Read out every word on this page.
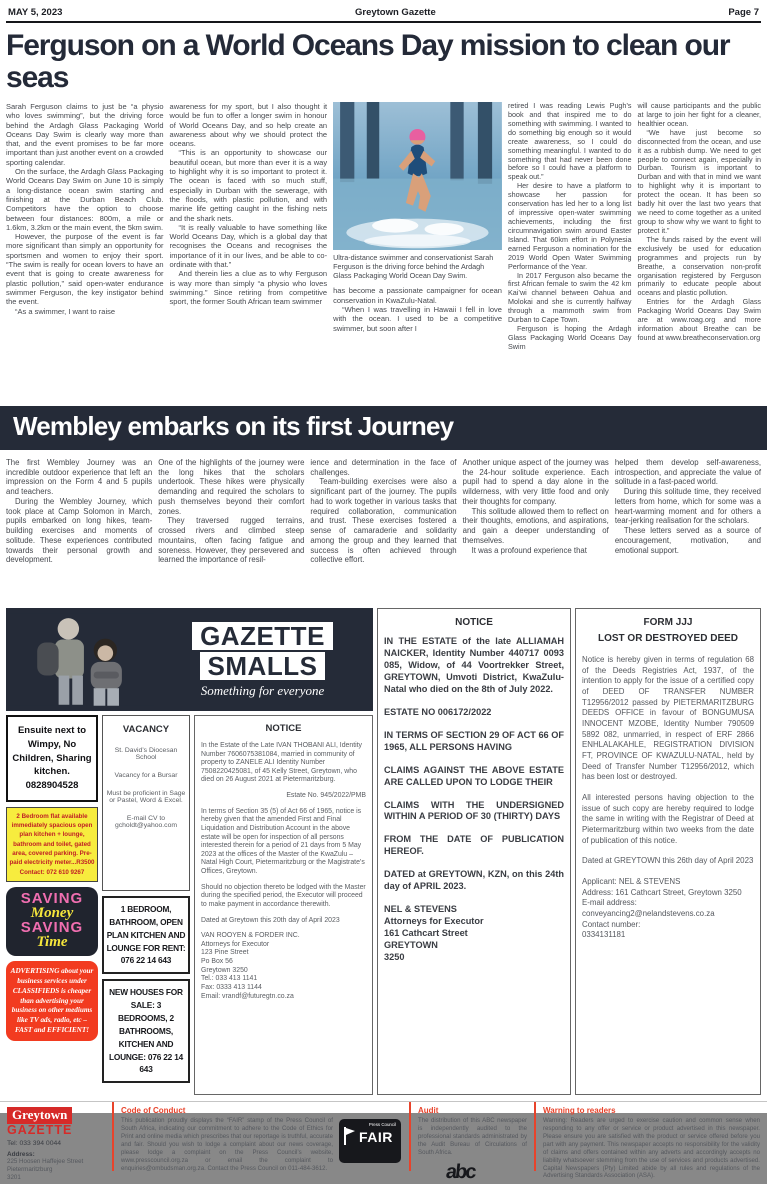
MAY 5, 2023	Greytown Gazette	Page 7
Ferguson on a World Oceans Day mission to clean our seas

Sarah Ferguson claims to just be “a physio who loves swimming”, but the driving force behind the Ardagh Glass Packaging World Oceans Day Swim is clearly way more than that, and the event promises to be far more important than just another event on a crowded sporting calendar.

On the surface, the Ardagh Glass Packaging World Oceans Day Swim on June 10 is simply a long-distance ocean swim starting and finishing at the Durban Beach Club. Competitors have the option to choose between four distances: 800m, a mile or 1.6km, 3.2km or the main event, the 5km swim.

However, the purpose of the event is far more significant than simply an opportunity for sportsmen and women to enjoy their sport. “The swim is really for ocean lovers to have an event that is going to create awareness for plastic pollution,” said open-water endurance swimmer Ferguson, the key instigator behind the event.

“As a swimmer, I want to raise

awareness for my sport, but I also thought it would be fun to offer a longer swim in honour of World Oceans Day, and so help create an awareness about why we should protect the oceans.

“This is an opportunity to showcase our beautiful ocean, but more than ever it is a way to highlight why it is so important to protect it. The ocean is faced with so much stuff, especially in Durban with the sewerage, with the floods, with plastic pollution, and with marine life getting caught in the fishing nets and the shark nets.

“It is really valuable to have something like World Oceans Day, which is a global day that recognises the Oceans and recognises the importance of it in our lives, and be able to co-ordinate with that.”

And therein lies a clue as to why Ferguson is way more than simply “a physio who loves swimming.” Since retiring from competitive sport, the former South African team swimmer

Ultra-distance swimmer and conservationist Sarah Ferguson is the driving force behind the Ardagh Glass Packaging World Ocean Day Swim.

has become a passionate campaigner for ocean conservation in KwaZulu-Natal.

“When I was travelling in Hawaii I fell in love with the ocean. I used to be a competitive swimmer, but soon after I

retired I was reading Lewis Pugh’s book and that inspired me to do something with swimming. I wanted to do something big enough so it would create awareness, so I could do something meaningful. I wanted to do something that had never been done before so I could have a platform to speak out.”

Her desire to have a platform to showcase her passion for conservation has led her to a long list of impressive open-water swimming achievements, including the first circumnavigation swim around Easter Island. That 60km effort in Polynesia earned Ferguson a nomination for the 2019 World Open Water Swimming Performance of the Year.

In 2017 Ferguson also became the first African female to swim the 42 km Kai’wi channel between Oahua and Molokai and she is currently halfway through a mammoth swim from Durban to Cape Town.

Ferguson is hoping the Ardagh Glass Packaging World Oceans Day Swim

will cause participants and the public at large to join her fight for a cleaner, healthier ocean.

“We have just become so disconnected from the ocean, and use it as a rubbish dump. We need to get people to connect again, especially in Durban. Tourism is important to Durban and with that in mind we want to highlight why it is important to protect the ocean. It has been so badly hit over the last two years that we need to come together as a united group to show why we want to fight to protect it.”

The funds raised by the event will exclusively be used for education programmes and projects run by Breathe, a conservation non-profit organisation registered by Ferguson primarily to educate people about oceans and plastic pollution.

Entries for the Ardagh Glass Packaging World Oceans Day Swim are at www.roag.org and more information about Breathe can be found at www.breatheconservation.org

Wembley embarks on its first Journey

The first Wembley Journey was an incredible outdoor experience that left an impression on the Form 4 and 5 pupils and teachers.

During the Wembley Journey, which took place at Camp Solomon in March, pupils embarked on long hikes, team-building exercises and moments of solitude. These experiences contributed towards their personal growth and development.

One of the highlights of the journey were the long hikes that the scholars undertook. These hikes were physically demanding and required the scholars to push themselves beyond their comfort zones.

They traversed rugged terrains, crossed rivers and climbed steep mountains, often facing fatigue and soreness. However, they persevered and learned the importance of resil-

ience and determination in the face of challenges.

Team-building exercises were also a significant part of the journey. The pupils had to work together in various tasks that required collaboration, communication and trust. These exercises fostered a sense of camaraderie and solidarity among the group and they learned that success is often achieved through collective effort.

Another unique aspect of the journey was the 24-hour solitude experience. Each pupil had to spend a day alone in the wilderness, with very little food and only their thoughts for company.

This solitude allowed them to reflect on their thoughts, emotions, and aspirations, and gain a deeper understanding of themselves.

It was a profound experience that

helped them develop self-awareness, introspection, and appreciate the value of solitude in a fast-paced world.

During this solitude time, they received letters from home, which for some was a heart-warming moment and for others a tear-jerking realisation for the scholars.

These letters served as a source of encouragement, motivation, and emotional support.

GAZETTE
SMALLS
Something for everyone
Ensuite next to Wimpy, No Children, Sharing kitchen. 0828904528
2 Bedroom flat available immediately spacious open plan kitchen + lounge, bathroom and toilet, gated area, covered parking. Pre-paid electricity meter...R3500 Contact: 072 610 9267
SAVING
Money
SAVING
Time
ADVERTISING about your business services under CLASSIFIEDS is cheaper than advertising your business on other mediums like TV ads, radio, etc – FAST and EFFICIENT!
VACANCY

St. David’s Diocesan School

Vacancy for a Bursar

Must be proficient in Sage or Pastel, Word & Excel.

E-mail CV to gcholdt@yahoo.com

1 BEDROOM, BATHROOM, OPEN PLAN KITCHEN AND LOUNGE FOR RENT: 076 22 14 643
NEW HOUSES FOR SALE: 3 BEDROOMS, 2 BATHROOMS, KITCHEN AND LOUNGE: 076 22 14 643
NOTICE

In the Estate of the Late IVAN THOBANI ALI, Identity Number 7606075381084, married in community of property to ZANELE ALI Identity Number 7508220425081, of 45 Kelly Street, Greytown, who died on 26 August 2021 at Pietermaritzburg.

Estate No. 945/2022/PMB

In terms of Section 35 (5) of Act 66 of 1965, notice is hereby given that the amended First and Final Liquidation and Distribution Account in the above estate will be open for inspection of all persons interested therein for a period of 21 days from 5 May 2023 at the offices of the Master of the KwaZulu – Natal High Court, Pietermaritzburg or the Magistrate’s Offices, Greytown.

Should no objection thereto be lodged with the Master during the specified period, the Executor will proceed to make payment in accordance therewith.

Dated at Greytown this 20th day of April 2023

VAN ROOYEN & FORDER INC.

Attorneys for Executor

123 Pine Street

Po Box 56

Greytown 3250

Tel.: 033 413 1141

Fax: 0333 413 1144

Email: vrandf@futuregtn.co.za

NOTICE

IN THE ESTATE of the late ALLIAMAH NAICKER, Identity Number 440717 0093 085, Widow, of 44 Voortrekker Street, GREYTOWN, Umvoti District, KwaZulu-Natal who died on the 8th of July 2022.

ESTATE NO 006172/2022

IN TERMS OF SECTION 29 OF ACT 66 OF 1965, ALL PERSONS HAVING

CLAIMS AGAINST THE ABOVE ESTATE ARE CALLED UPON TO LODGE THEIR

CLAIMS WITH THE UNDERSIGNED WITHIN A PERIOD OF 30 (THIRTY) DAYS

FROM THE DATE OF PUBLICATION HEREOF.

DATED at GREYTOWN, KZN, on this 24th day of APRIL 2023.

NEL & STEVENS

Attorneys for Executor

161 Cathcart Street

GREYTOWN

3250

FORM JJJ
LOST OR DESTROYED DEED

Notice is hereby given in terms of regulation 68 of the Deeds Registries Act, 1937, of the intention to apply for the issue of a certified copy of DEED OF TRANSFER NUMBER T12956/2012 passed by PIETERMARITZBURG DEEDS OFFICE in favour of BONGUMUSA INNOCENT MZOBE, Identity Number 790509 5892 082, unmarried, in respect of ERF 2866 ENHLALAKAHLE, REGISTRATION DIVISION FT, PROVINCE OF KWAZULU-NATAL, held by Deed of Transfer Number T12956/2012, which has been lost or destroyed.

All interested persons having objection to the issue of such copy are hereby required to lodge the same in writing with the Registrar of Deed at Pietermaritzburg within two weeks from the date of publication of this notice.

Dated at GREYTOWN this 26th day of April 2023

Applicant: NEL & STEVENS

Address: 161 Cathcart Street, Greytown 3250

E-mail address:

conveyancing2@nelandstevens.co.za

Contact number:

0334131181

Greytown
GAZETTE
Tel: 033 394 0044
Address:

225 Hoosen Haffejee Street

Pietermaritzburg

3201

Code of Conduct
This publication proudly displays the “FAIR” stamp of the Press Council of South Africa, indicating our commitment to adhere to the Code of Ethics for Print and online media which prescribes that our reportage is truthful, accurate and fair. Should you wish to lodge a complaint about our news coverage, please lodge a complaint on the Press Council’s website, www.presscouncil.org.za or email the complaint to enquiries@ombudsman.org.za. Contact the Press Council on 011-484-3612.
Press Council
FAIR
Audit
The distribution of this ABC newspaper is independently audited to the professional standards administrated by the Audit Bureau of Circulations of South Africa.
abc
Warning to readers
Warning: Readers are urged to exercise caution and common sense when responding to any offer or service or product advertised in this newspaper. Please ensure you are satisfied with the product or service offered before you part with any payment. This newspaper accepts no responsibility for the validity of claims and offers contained within any adverts and accordingly accepts no liability whatsoever stemming from the use of services and products advertised. Capital Newspapers (Pty) Limited abide by all rules and regulations of the Advertising Standards Association (ASA).
